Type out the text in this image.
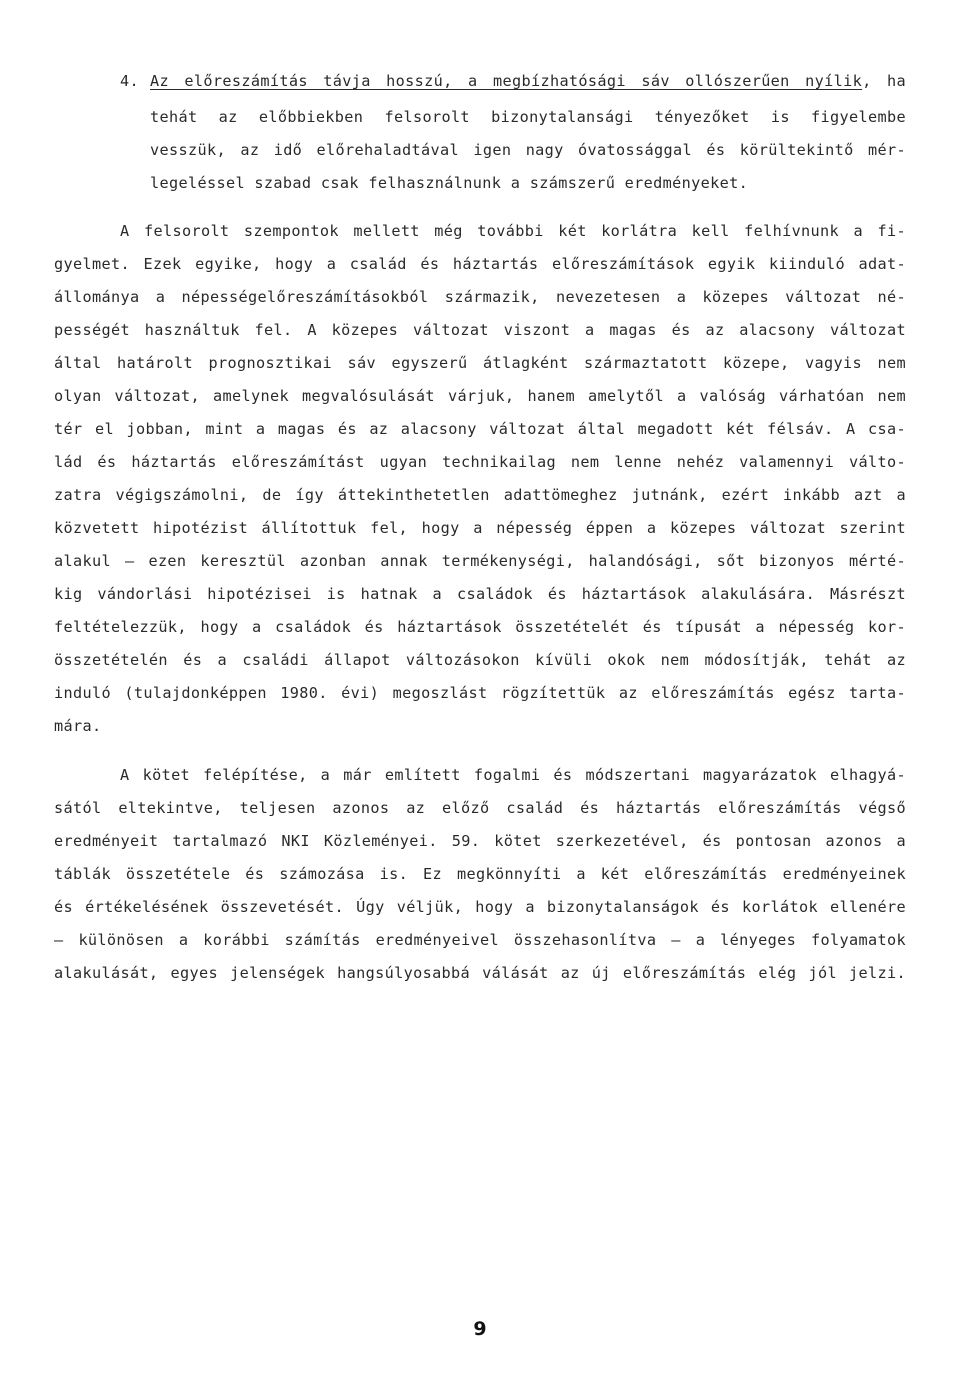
4. Az előreszámítás távja hosszú, a megbízhatósági sáv ollószerűen nyílik, ha
tehát az előbbiekben felsorolt bizonytalansági tényezőket is figyelembe
vesszük, az idő előrehaladtával igen nagy óvatossággal és körültekintő mér-
legeléssel szabad csak felhasználnunk a számszerű eredményeket.
A felsorolt szempontok mellett még további két korlátra kell felhívnunk a fi-
gyelmet. Ezek egyike, hogy a család és háztartás előreszámítások egyik kiinduló adat-
állománya a népességelőreszámításokból származik, nevezetesen a közepes változat né-
pességét használtuk fel. A közepes változat viszont a magas és az alacsony változat
által határolt prognosztikai sáv egyszerű átlagként származtatott közepe, vagyis nem
olyan változat, amelynek megvalósulását várjuk, hanem amelytől a valóság várhatóan nem
tér el jobban, mint a magas és az alacsony változat által megadott két félsáv. A csa-
lád és háztartás előreszámítást ugyan technikailag nem lenne nehéz valamennyi válto-
zatra végigszámolni, de így áttekinthetetlen adattömeghez jutnánk, ezért inkább azt a
közvetett hipotézist állítottuk fel, hogy a népesség éppen a közepes változat szerint
alakul – ezen keresztül azonban annak termékenységi, halandósági, sőt bizonyos mérté-
kig vándorlási hipotézisei is hatnak a családok és háztartások alakulására. Másrészt
feltételezzük, hogy a családok és háztartások összetételét és típusát a népesség kor-
összetételén és a családi állapot változásokon kívüli okok nem módosítják, tehát az
induló (tulajdonképpen 1980. évi) megoszlást rögzítettük az előreszámítás egész tarta-
mára.
A kötet felépítése, a már említett fogalmi és módszertani magyarázatok elhagyá-
sától eltekintve, teljesen azonos az előző család és háztartás előreszámítás végső
eredményeit tartalmazó NKI Közleményei. 59. kötet szerkezetével, és pontosan azonos a
táblák összetétele és számozása is. Ez megkönnyíti a két előreszámítás eredményeinek
és értékelésének összevetését. Úgy véljük, hogy a bizonytalanságok és korlátok ellenére
– különösen a korábbi számítás eredményeivel összehasonlítva – a lényeges folyamatok
alakulását, egyes jelenségek hangsúlyosabbá válását az új előreszámítás elég jól jelzi.
9
